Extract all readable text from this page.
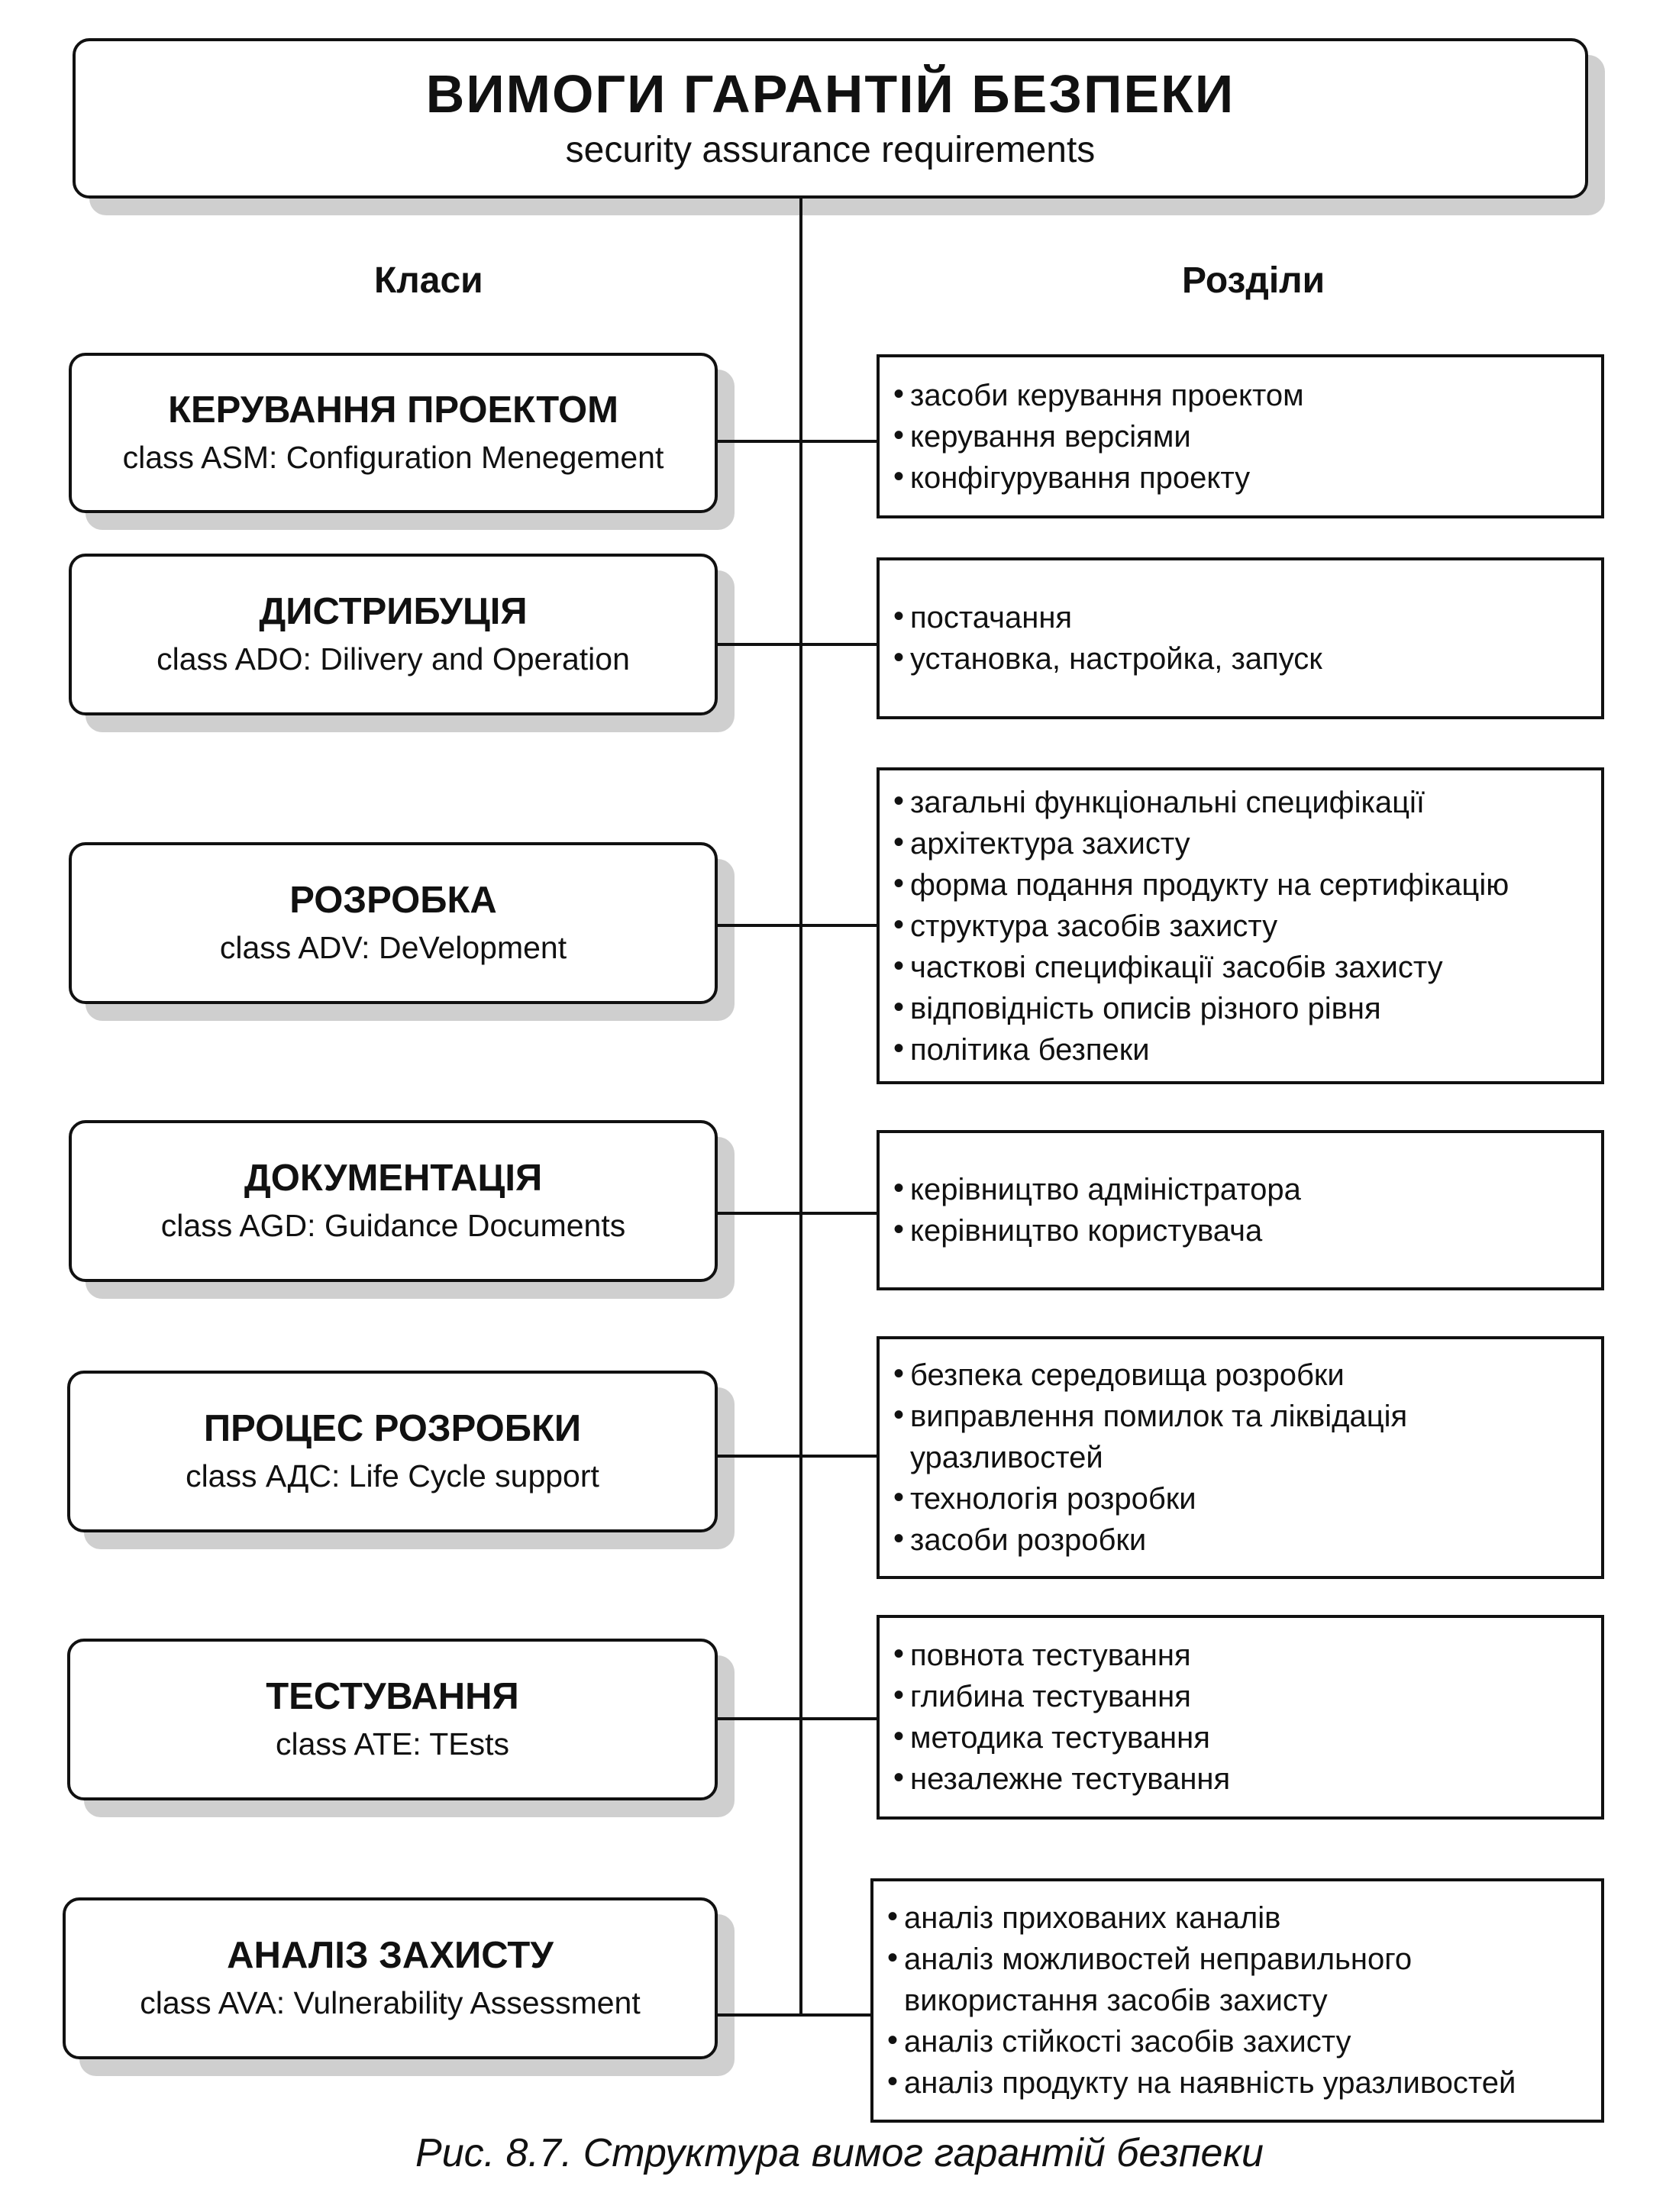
ВИМОГИ ГАРАНТІЙ БЕЗПЕКИ
security assurance requirements
Класи	Розділи
КЕРУВАННЯ ПРОЕКТОМ
class ASM: Configuration Menegement
• засоби керування проектом
• керування версіями
• конфігурування проекту
ДИСТРИБУЦІЯ
class ADO: Dilivery and Operation
• постачання
• установка, настройка, запуск
РОЗРОБКА
class ADV: DeVelopment
• загальні функціональні специфікації
• архітектура захисту
• форма подання продукту на сертифікацію
• структура засобів захисту
• часткові специфікації засобів захисту
• відповідність описів різного рівня
• політика безпеки
ДОКУМЕНТАЦІЯ
class AGD: Guidance Documents
• керівництво адміністратора
• керівництво користувача
ПРОЦЕС РОЗРОБКИ
class АДС: Life Cycle support
• безпека середовища розробки
• виправлення помилок та ліквідація уразливостей
• технологія розробки
• засоби розробки
ТЕСТУВАННЯ
class ATE: TEsts
• повнота тестування
• глибина тестування
• методика тестування
• незалежне тестування
АНАЛІЗ ЗАХИСТУ
class AVA: Vulnerability Assessment
• аналіз прихованих каналів
• аналіз можливостей неправильного використання засобів захисту
• аналіз стійкості засобів захисту
• аналіз продукту на наявність уразливостей
Рис. 8.7. Структура вимог гарантій безпеки
